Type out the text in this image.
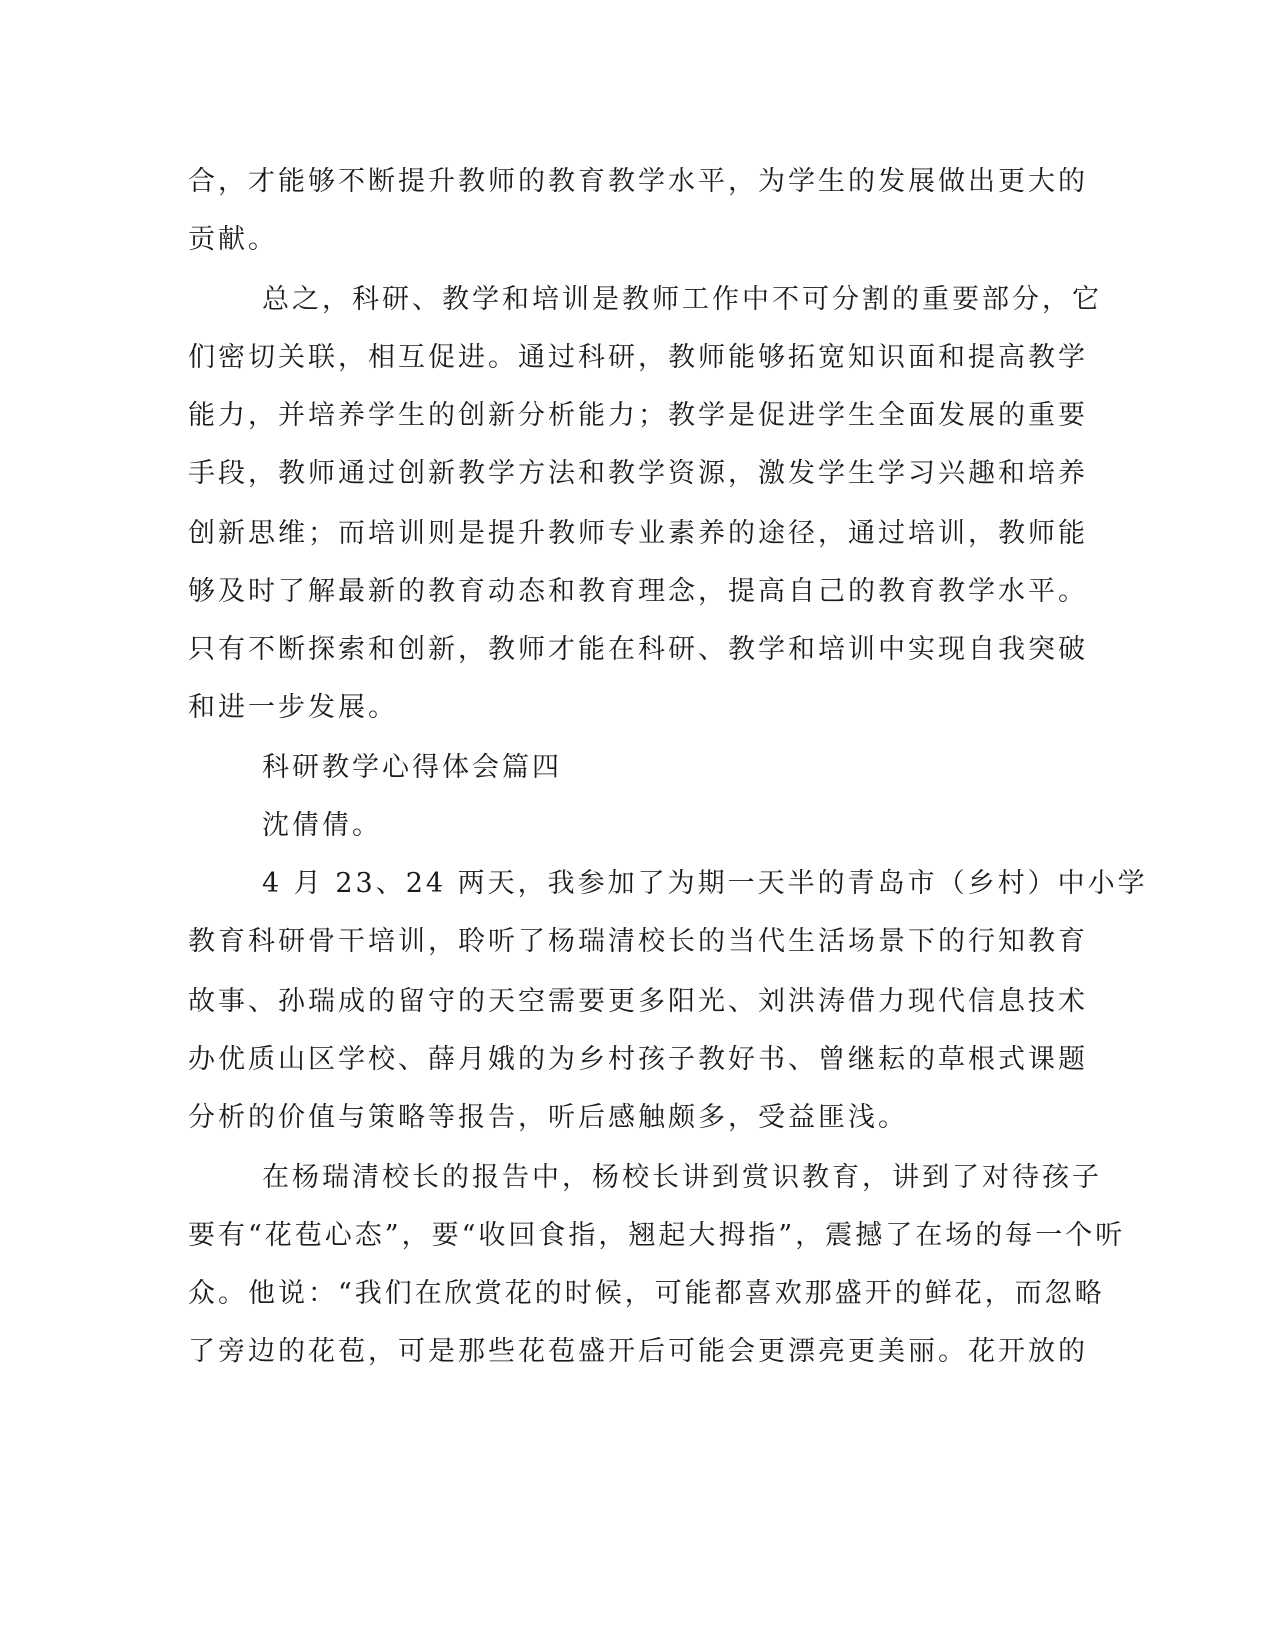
合，才能够不断提升教师的教育教学水平，为学生的发展做出更大的
贡献。
总之，科研、教学和培训是教师工作中不可分割的重要部分，它
们密切关联，相互促进。通过科研，教师能够拓宽知识面和提高教学
能力，并培养学生的创新分析能力；教学是促进学生全面发展的重要
手段，教师通过创新教学方法和教学资源，激发学生学习兴趣和培养
创新思维；而培训则是提升教师专业素养的途径，通过培训，教师能
够及时了解最新的教育动态和教育理念，提高自己的教育教学水平。
只有不断探索和创新，教师才能在科研、教学和培训中实现自我突破
和进一步发展。
科研教学心得体会篇四
沈倩倩。
4 月 23、24 两天，我参加了为期一天半的青岛市（乡村）中小学
教育科研骨干培训，聆听了杨瑞清校长的当代生活场景下的行知教育
故事、孙瑞成的留守的天空需要更多阳光、刘洪涛借力现代信息技术
办优质山区学校、薛月娥的为乡村孩子教好书、曾继耘的草根式课题
分析的价值与策略等报告，听后感触颇多，受益匪浅。
在杨瑞清校长的报告中，杨校长讲到赏识教育，讲到了对待孩子
要有“花苞心态”，要“收回食指，翘起大拇指”，震撼了在场的每一个听
众。他说：“我们在欣赏花的时候，可能都喜欢那盛开的鲜花，而忽略
了旁边的花苞，可是那些花苞盛开后可能会更漂亮更美丽。花开放的
